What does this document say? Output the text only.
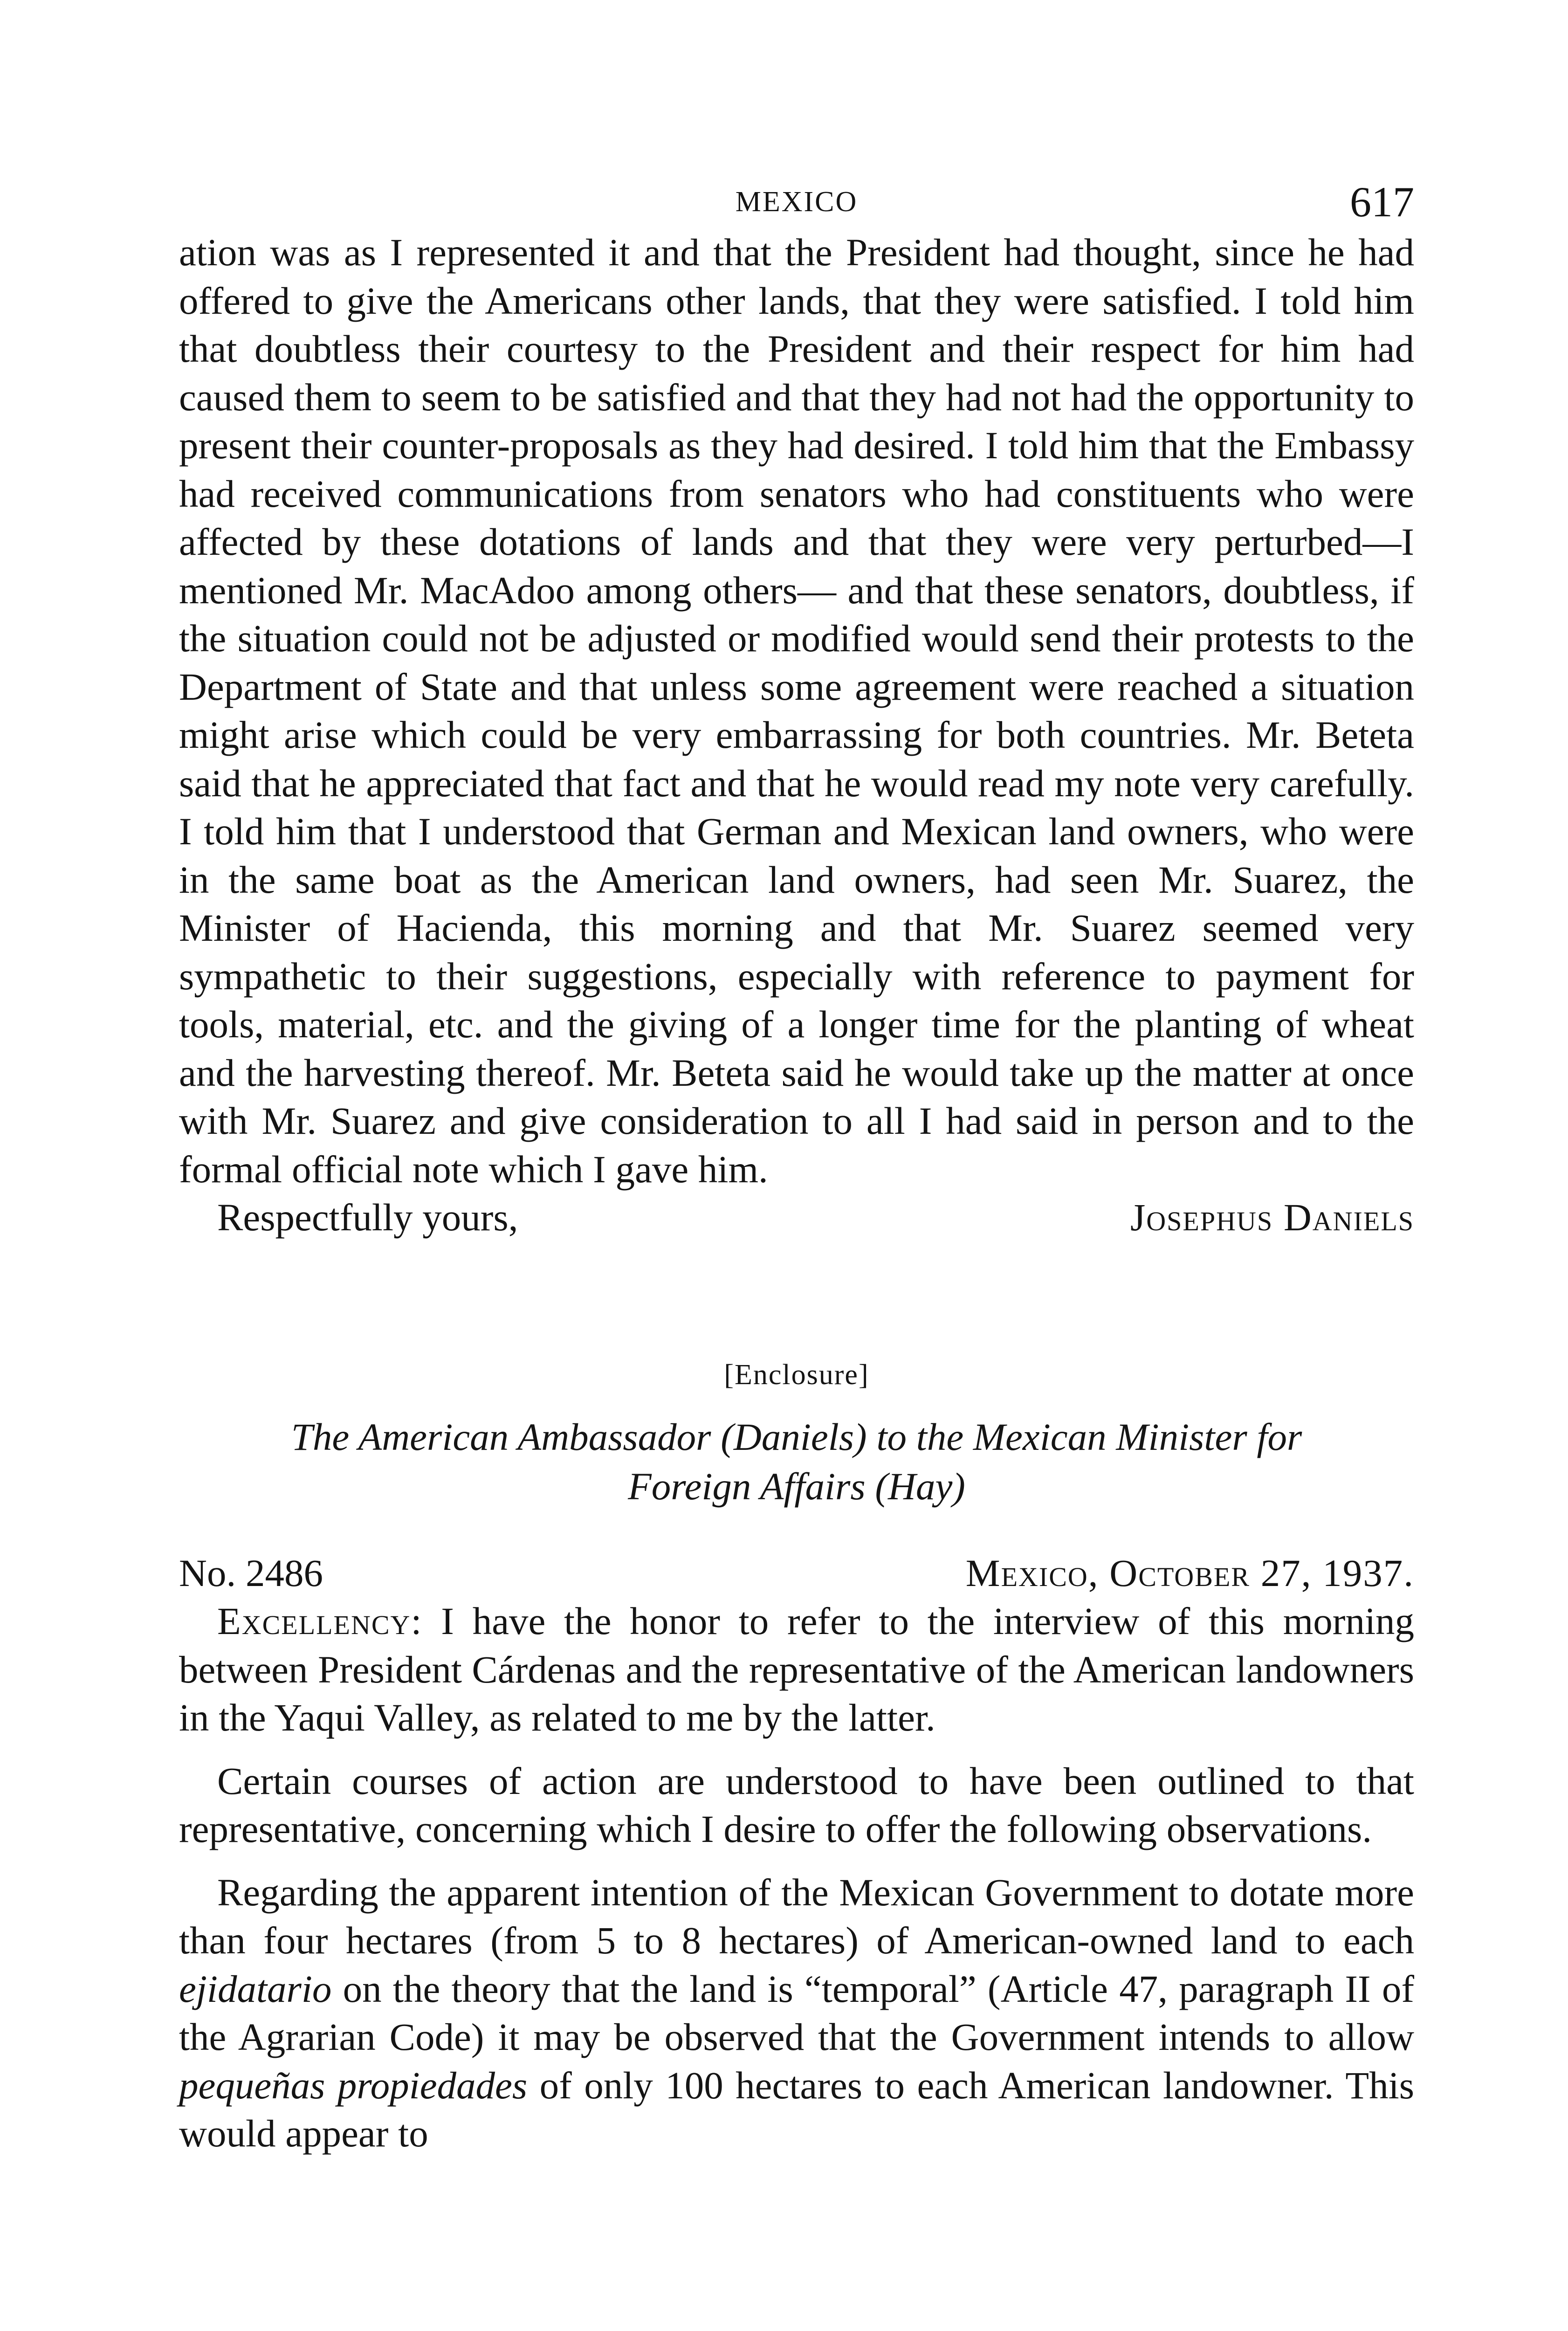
MEXICO	617

ation was as I represented it and that the President had thought, since he had offered to give the Americans other lands, that they were satisfied. I told him that doubtless their courtesy to the President and their respect for him had caused them to seem to be satisfied and that they had not had the opportunity to present their counter-proposals as they had desired. I told him that the Embassy had received communications from senators who had constituents who were affected by these dotations of lands and that they were very perturbed—I mentioned Mr. MacAdoo among others— and that these senators, doubtless, if the situation could not be adjusted or modified would send their protests to the Department of State and that unless some agreement were reached a situation might arise which could be very embarrassing for both countries. Mr. Beteta said that he appreciated that fact and that he would read my note very carefully. I told him that I understood that German and Mexican land owners, who were in the same boat as the American land owners, had seen Mr. Suarez, the Minister of Hacienda, this morning and that Mr. Suarez seemed very sympathetic to their suggestions, especially with reference to payment for tools, material, etc. and the giving of a longer time for the planting of wheat and the harvesting thereof. Mr. Beteta said he would take up the matter at once with Mr. Suarez and give consideration to all I had said in person and to the formal official note which I gave him.

Respectfully yours,	Josephus Daniels
[Enclosure]
The American Ambassador (Daniels) to the Mexican Minister for
Foreign Affairs (Hay)
No. 2486	Mexico, October 27, 1937.

Excellency: I have the honor to refer to the interview of this morning between President Cárdenas and the representative of the American landowners in the Yaqui Valley, as related to me by the latter.

Certain courses of action are understood to have been outlined to that representative, concerning which I desire to offer the following observations.

Regarding the apparent intention of the Mexican Government to dotate more than four hectares (from 5 to 8 hectares) of American-owned land to each ejidatario on the theory that the land is “temporal” (Article 47, paragraph II of the Agrarian Code) it may be observed that the Government intends to allow pequeñas propiedades of only 100 hectares to each American landowner. This would appear to
